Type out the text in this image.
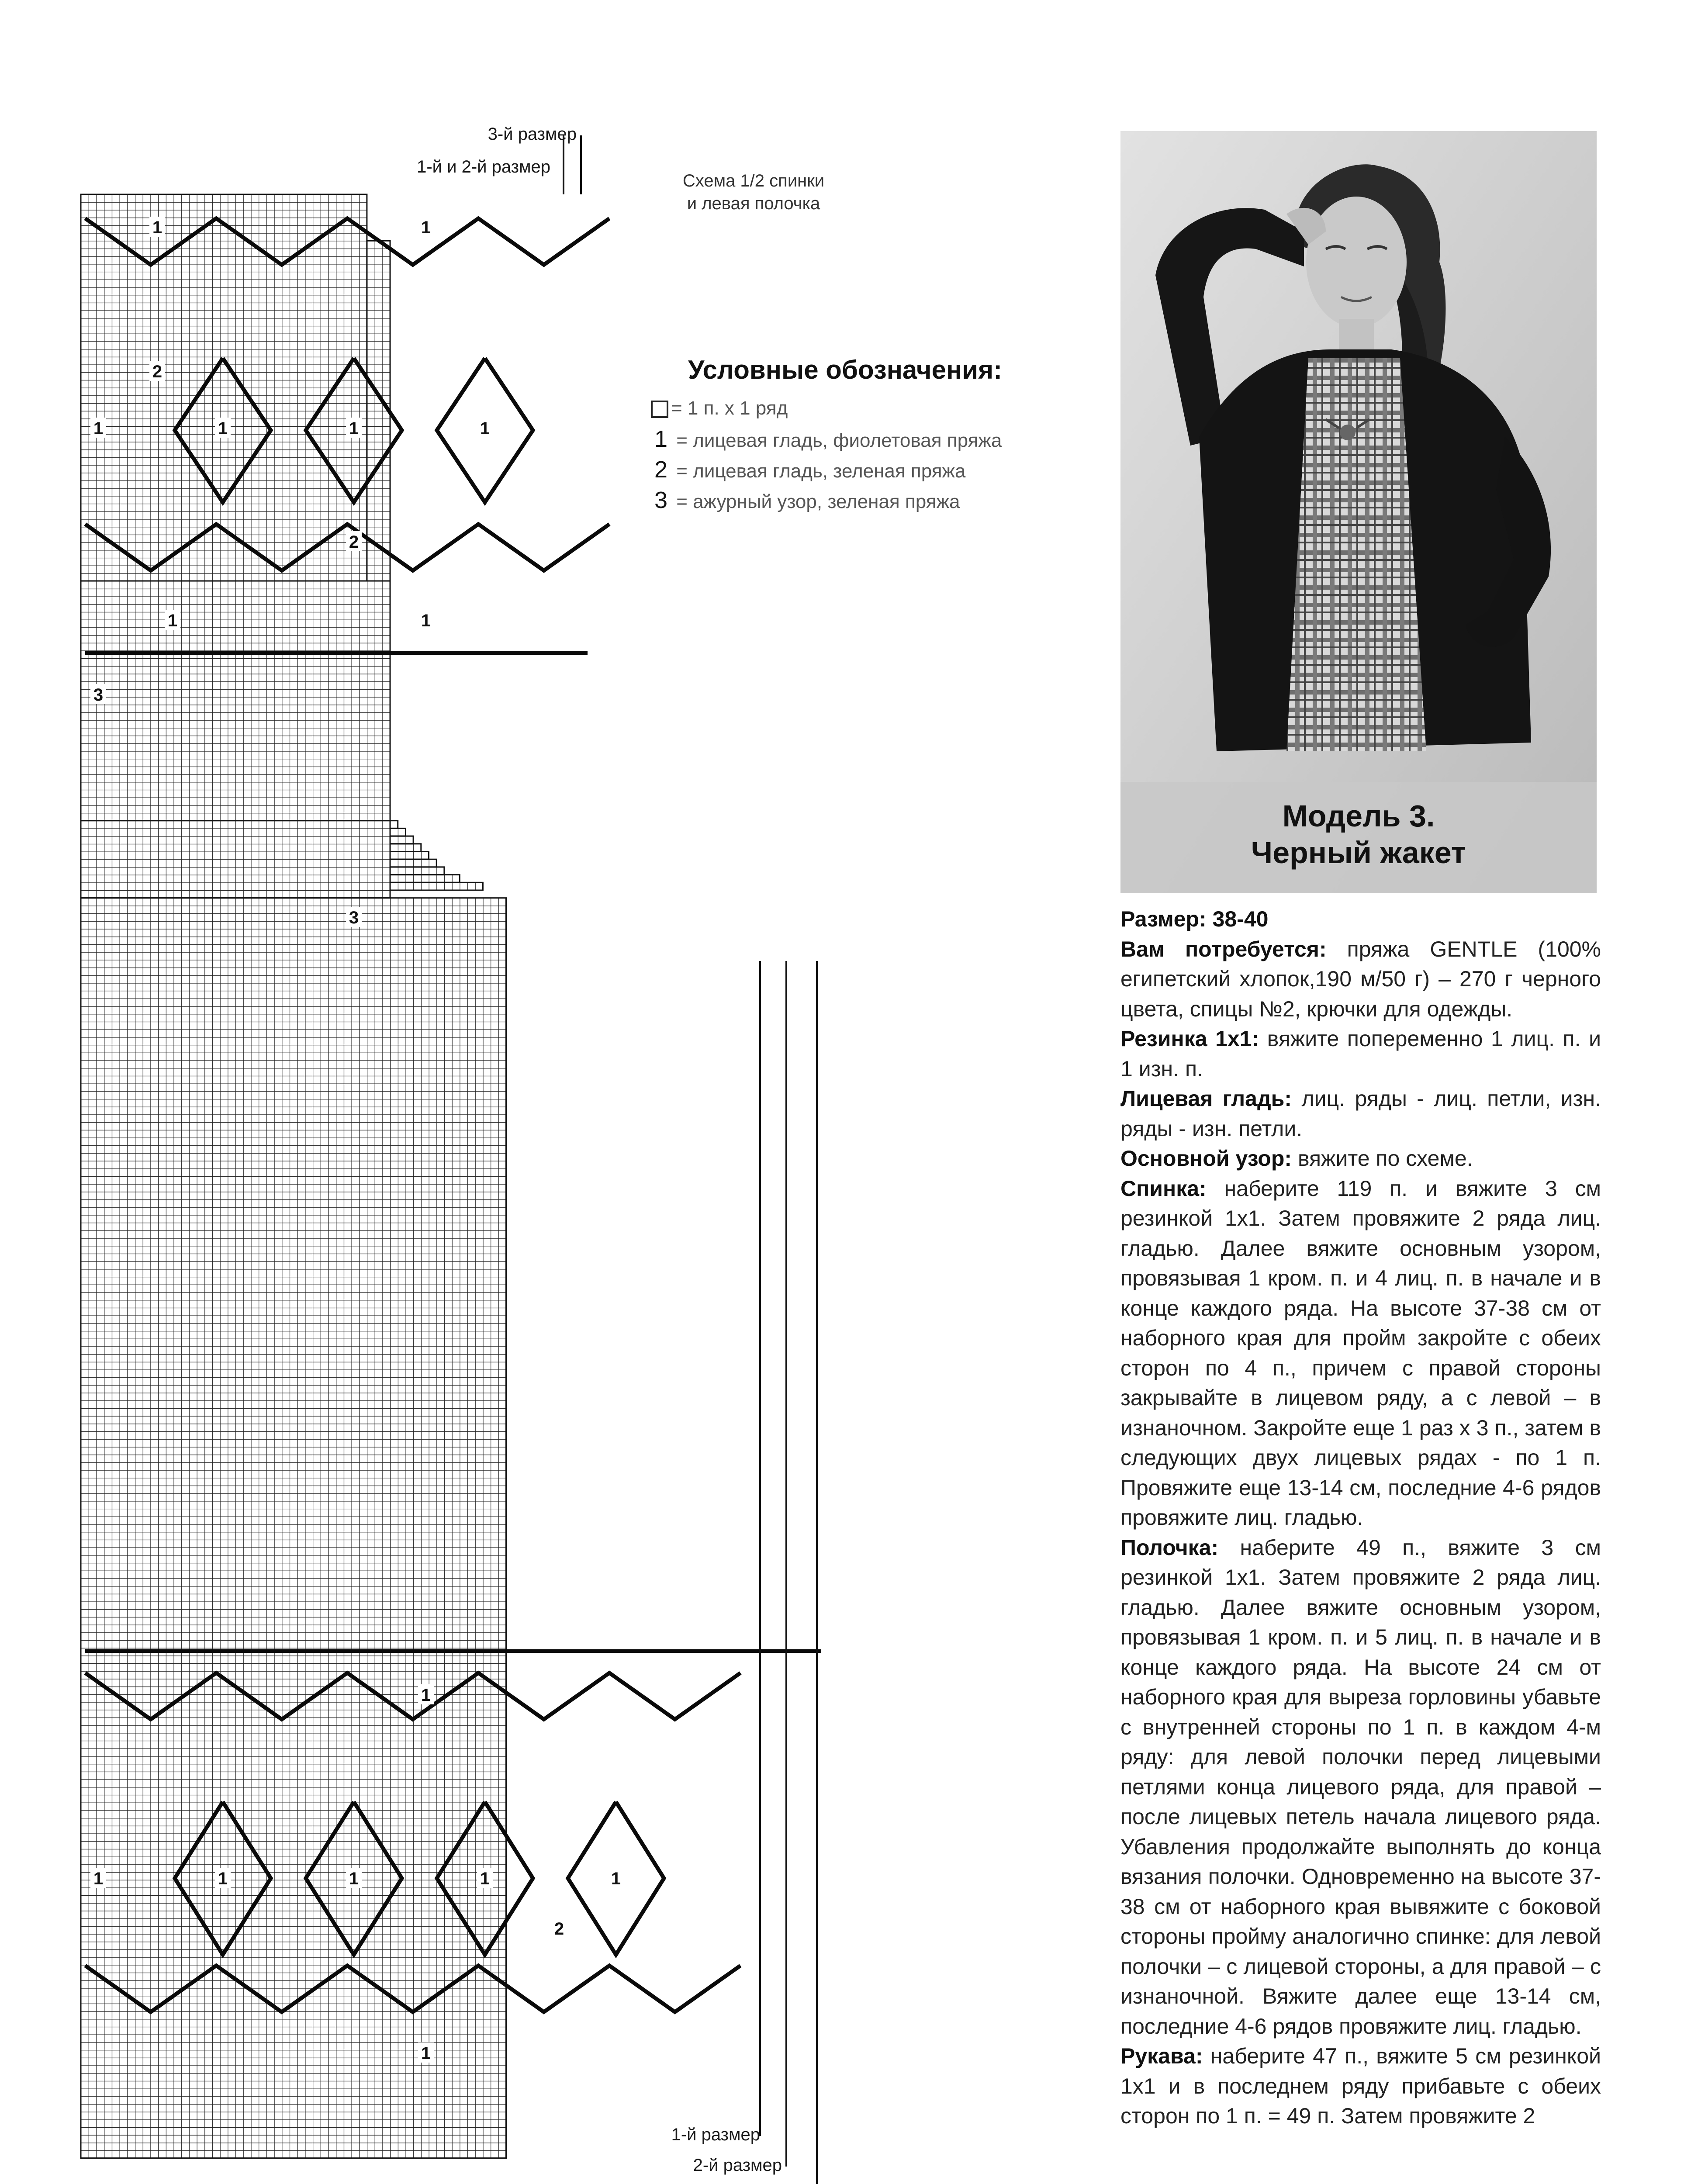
3-й размер
1-й и 2-й размер
1	1
2
1	1	1	1
2
1	1
3
3
1
1	1	1	1	1
2
1
1-й размер
2-й размер
Схема 1/2 спинки
и левая полочка
Условные обозначения:
= 1 п. x 1 ряд
1 = лицевая гладь, фиолетовая пряжа
2 = лицевая гладь, зеленая пряжа
3 = ажурный узор, зеленая пряжа
Модель 3.
Черный жакет

Размер: 38-40

Вам потребуется: пряжа GENTLE (100% египетский хлопок,190 м/50 г) – 270 г черного цвета, спицы №2, крючки для одежды.

Резинка 1х1: вяжите попеременно 1 лиц. п. и 1 изн. п.

Лицевая гладь: лиц. ряды - лиц. петли, изн. ряды - изн. петли.

Основной узор: вяжите по схеме.

Спинка: наберите 119 п. и вяжите 3 см резинкой 1х1. Затем провяжите 2 ряда лиц. гладью. Далее вяжите основным узором, провязывая 1 кром. п. и 4 лиц. п. в начале и в конце каждого ряда. На высоте 37-38 см от наборного края для пройм закройте с обеих сторон по 4 п., причем с правой стороны закрывайте в лицевом ряду, а с левой – в изнаночном. Закройте еще 1 раз х 3 п., затем в следующих двух лицевых рядах - по 1 п. Провяжите еще 13-14 см, последние 4-6 рядов провяжите лиц. гладью.

Полочка: наберите 49 п., вяжите 3 см резинкой 1х1. Затем провяжите 2 ряда лиц. гладью. Далее вяжите основным узором, провязывая 1 кром. п. и 5 лиц. п. в начале и в конце каждого ряда. На высоте 24 см от наборного края для выреза горловины убавьте с внутренней стороны по 1 п. в каждом 4-м ряду: для левой полочки перед лицевыми петлями конца лицевого ряда, для правой – после лицевых петель начала лицевого ряда. Убавления продолжайте выполнять до конца вязания полочки. Одновременно на высоте 37-38 см от наборного края вывяжите с боковой стороны пройму аналогично спинке: для левой полочки – с лицевой стороны, а для правой – с изнаночной. Вяжите далее еще 13-14 см, последние 4-6 рядов провяжите лиц. гладью.

Рукава: наберите 47 п., вяжите 5 см резинкой 1х1 и в последнем ряду прибавьте с обеих сторон по 1 п. = 49 п. Затем провяжите 2
